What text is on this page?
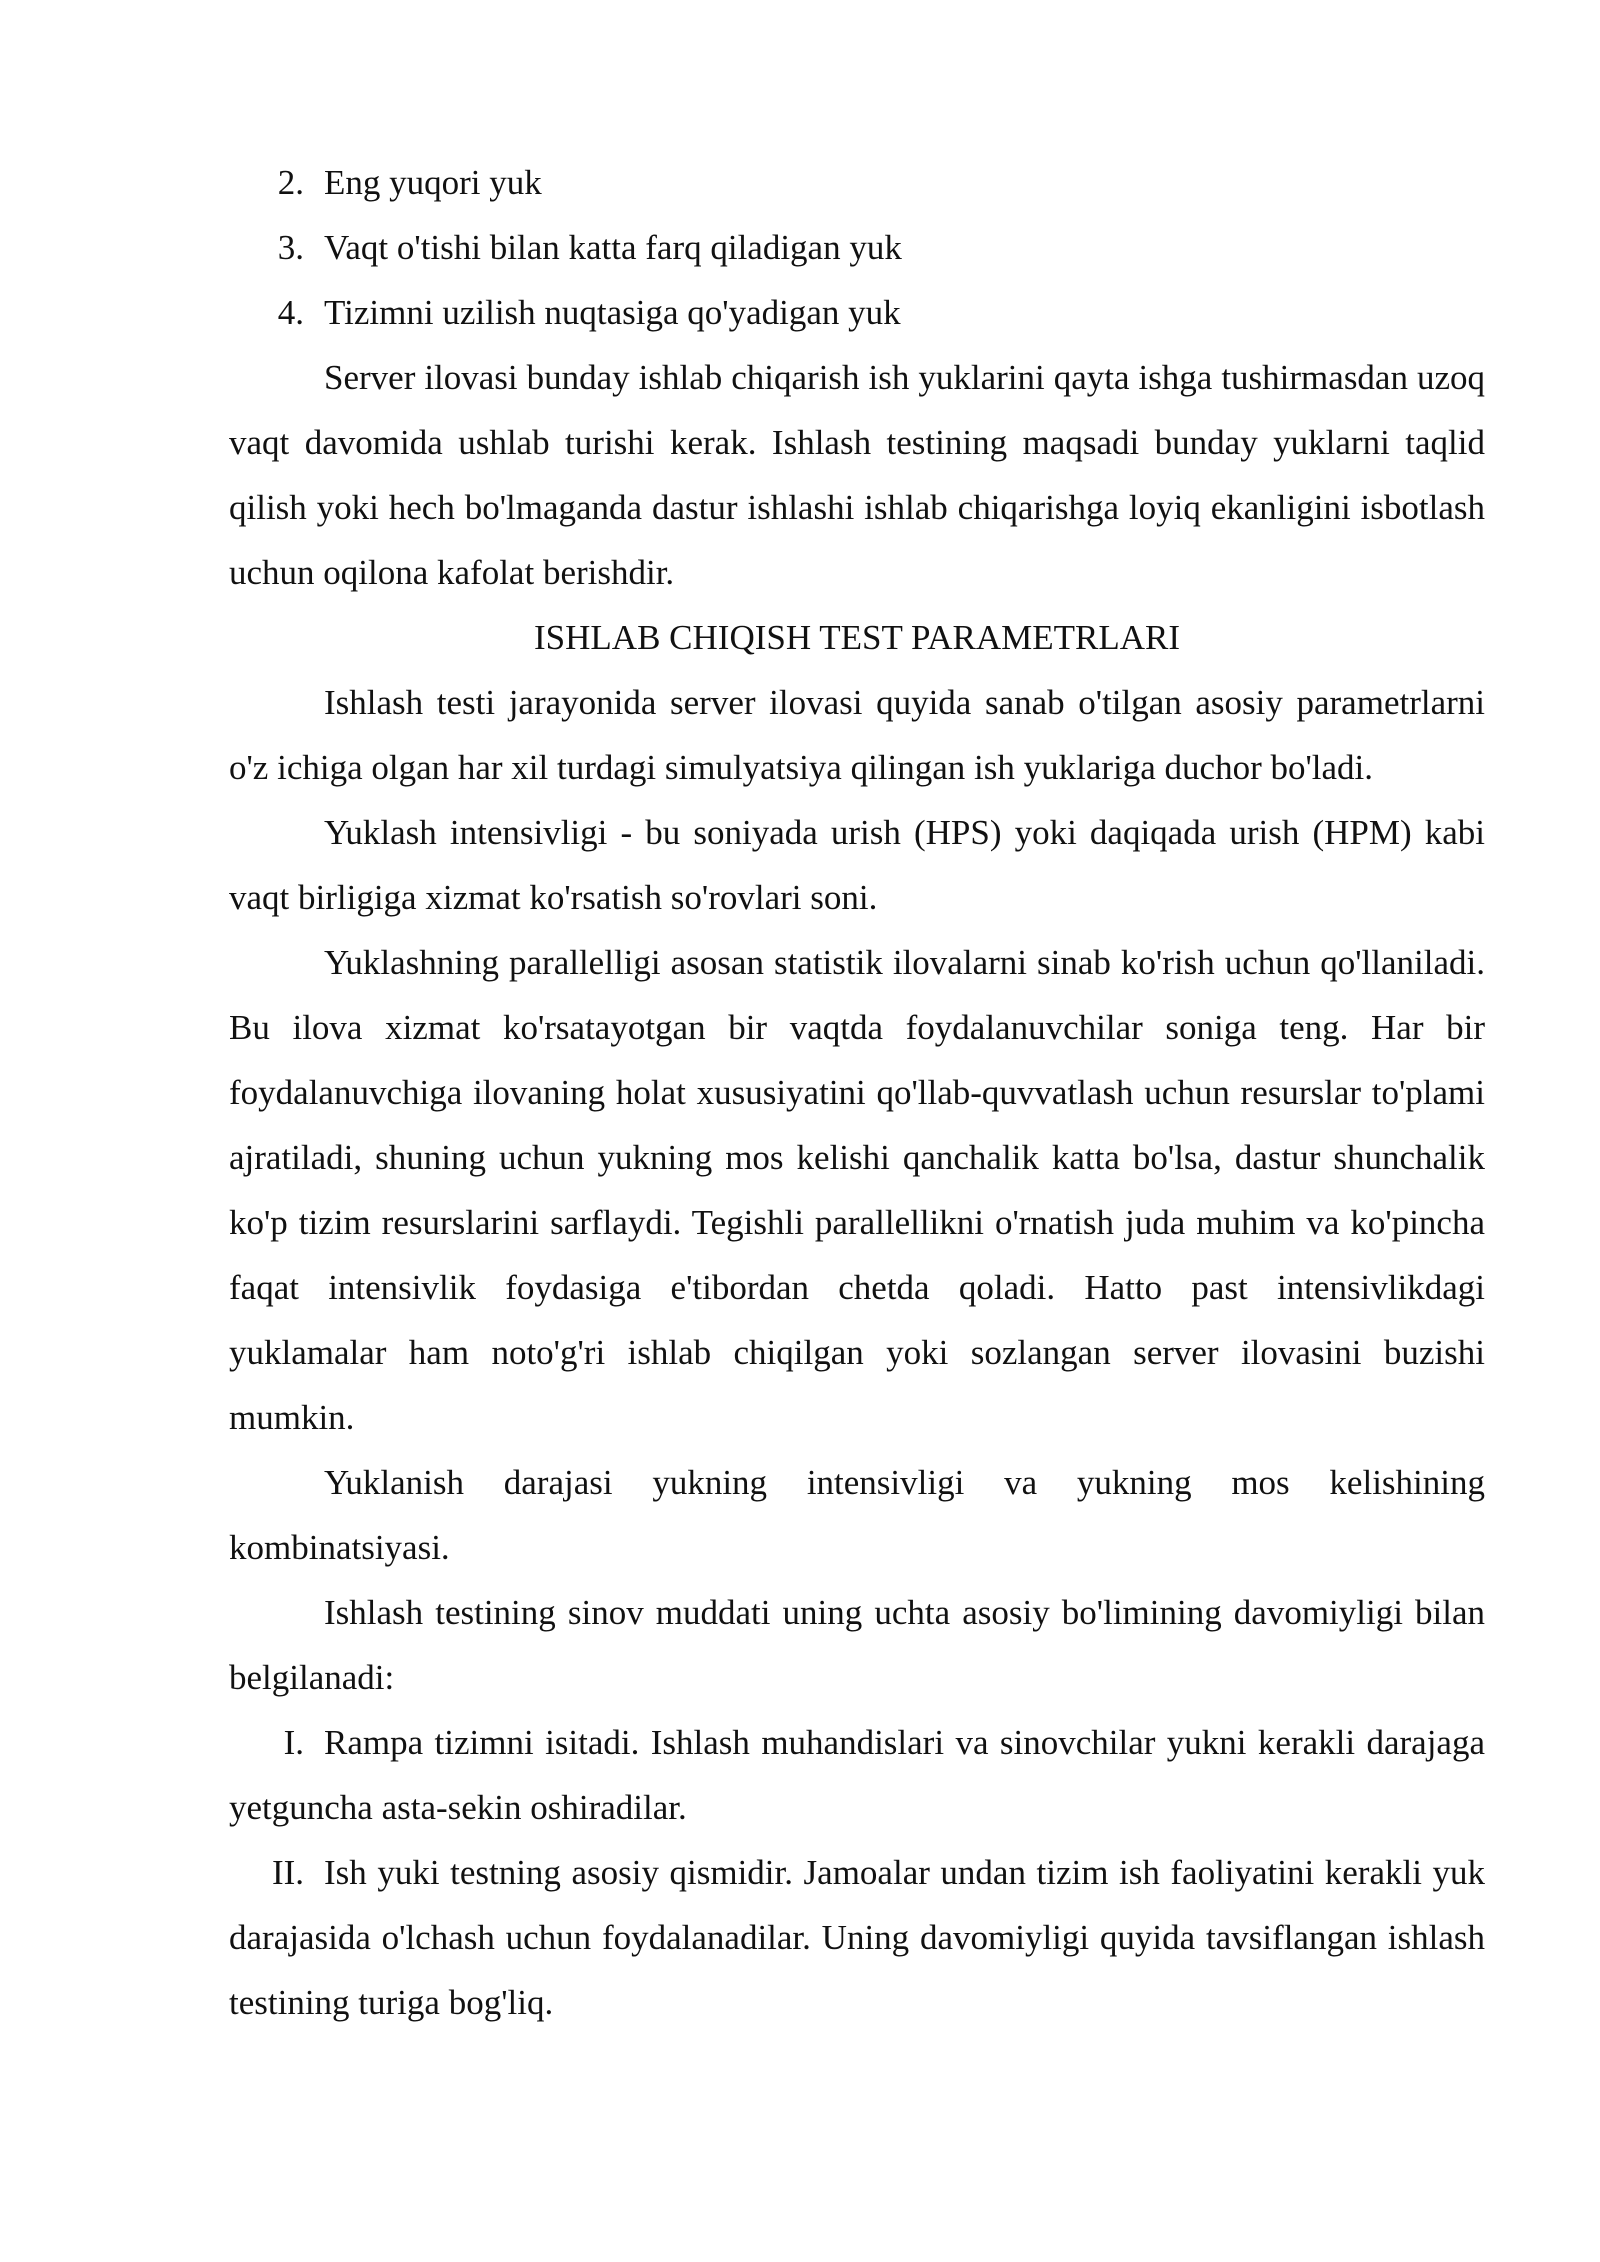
2. Eng yuqori yuk
3. Vaqt o'tishi bilan katta farq qiladigan yuk
4. Tizimni uzilish nuqtasiga qo'yadigan yuk

Server ilovasi bunday ishlab chiqarish ish yuklarini qayta ishga tushirmasdan uzoq vaqt davomida ushlab turishi kerak. Ishlash testining maqsadi bunday yuklarni taqlid qilish yoki hech bo'lmaganda dastur ishlashi ishlab chiqarishga loyiq ekanligini isbotlash uchun oqilona kafolat berishdir.

ISHLAB CHIQISH TEST PARAMETRLARI

Ishlash testi jarayonida server ilovasi quyida sanab o'tilgan asosiy parametrlarni o'z ichiga olgan har xil turdagi simulyatsiya qilingan ish yuklariga duchor bo'ladi.

Yuklash intensivligi - bu soniyada urish (HPS) yoki daqiqada urish (HPM) kabi vaqt birligiga xizmat ko'rsatish so'rovlari soni.

Yuklashning parallelligi asosan statistik ilovalarni sinab ko'rish uchun qo'llaniladi. Bu ilova xizmat ko'rsatayotgan bir vaqtda foydalanuvchilar soniga teng. Har bir foydalanuvchiga ilovaning holat xususiyatini qo'llab-quvvatlash uchun resurslar to'plami ajratiladi, shuning uchun yukning mos kelishi qanchalik katta bo'lsa, dastur shunchalik ko'p tizim resurslarini sarflaydi. Tegishli parallellikni o'rnatish juda muhim va ko'pincha faqat intensivlik foydasiga e'tibordan chetda qoladi. Hatto past intensivlikdagi yuklamalar ham noto'g'ri ishlab chiqilgan yoki sozlangan server ilovasini buzishi mumkin.

Yuklanish darajasi yukning intensivligi va yukning mos kelishining kombinatsiyasi.

Ishlash testining sinov muddati uning uchta asosiy bo'limining davomiyligi bilan belgilanadi:

I. Rampa tizimni isitadi. Ishlash muhandislari va sinovchilar yukni kerakli darajaga yetguncha asta-sekin oshiradilar.

II. Ish yuki testning asosiy qismidir. Jamoalar undan tizim ish faoliyatini kerakli yuk darajasida o'lchash uchun foydalanadilar. Uning davomiyligi quyida tavsiflangan ishlash testining turiga bog'liq.
